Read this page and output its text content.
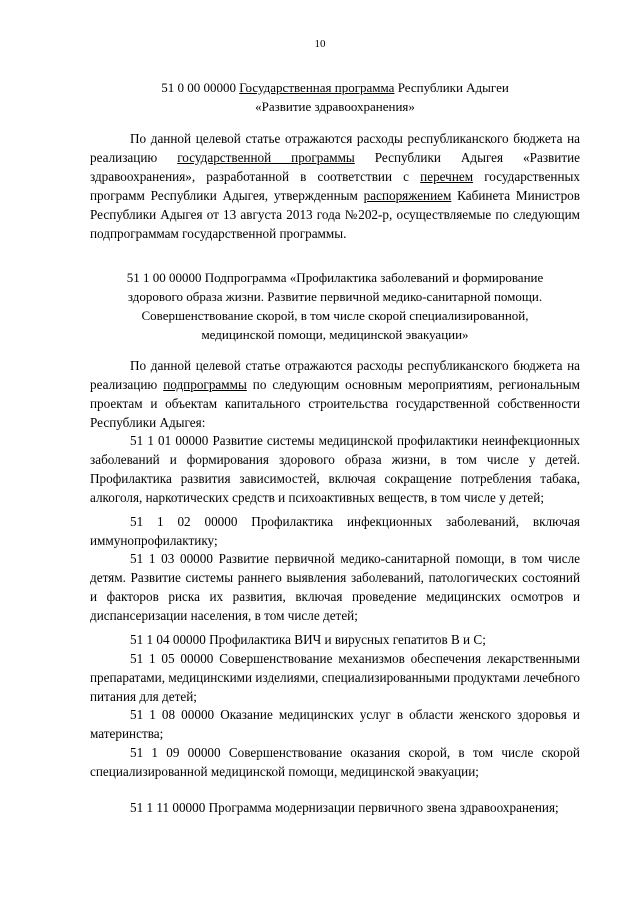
10
51 0 00 00000 Государственная программа Республики Адыгеи
«Развитие здравоохранения»
По данной целевой статье отражаются расходы республиканского бюджета на реализацию государственной программы Республики Адыгея «Развитие здравоохранения», разработанной в соответствии с перечнем государственных программ Республики Адыгея, утвержденным распоряжением Кабинета Министров Республики Адыгея от 13 августа 2013 года №202-р, осуществляемые по следующим подпрограммам государственной программы.
51 1 00 00000 Подпрограмма «Профилактика заболеваний и формирование здорового образа жизни. Развитие первичной медико-санитарной помощи. Совершенствование скорой, в том числе скорой специализированной, медицинской помощи, медицинской эвакуации»
По данной целевой статье отражаются расходы республиканского бюджета на реализацию подпрограммы по следующим основным мероприятиям, региональным проектам и объектам капитального строительства государственной собственности Республики Адыгея:
51 1 01 00000 Развитие системы медицинской профилактики неинфекционных заболеваний и формирования здорового образа жизни, в том числе у детей. Профилактика развития зависимостей, включая сокращение потребления табака, алкоголя, наркотических средств и психоактивных веществ, в том числе у детей;
51 1 02 00000 Профилактика инфекционных заболеваний, включая иммунопрофилактику;
51 1 03 00000 Развитие первичной медико-санитарной помощи, в том числе детям. Развитие системы раннего выявления заболеваний, патологических состояний и факторов риска их развития, включая проведение медицинских осмотров и диспансеризации населения, в том числе детей;
51 1 04 00000 Профилактика ВИЧ и вирусных гепатитов В и С;
51 1 05 00000 Совершенствование механизмов обеспечения лекарственными препаратами, медицинскими изделиями, специализированными продуктами лечебного питания для детей;
51 1 08 00000 Оказание медицинских услуг в области женского здоровья и материнства;
51 1 09 00000 Совершенствование оказания скорой, в том числе скорой специализированной медицинской помощи, медицинской эвакуации;
51 1 11 00000 Программа модернизации первичного звена здравоохранения;
